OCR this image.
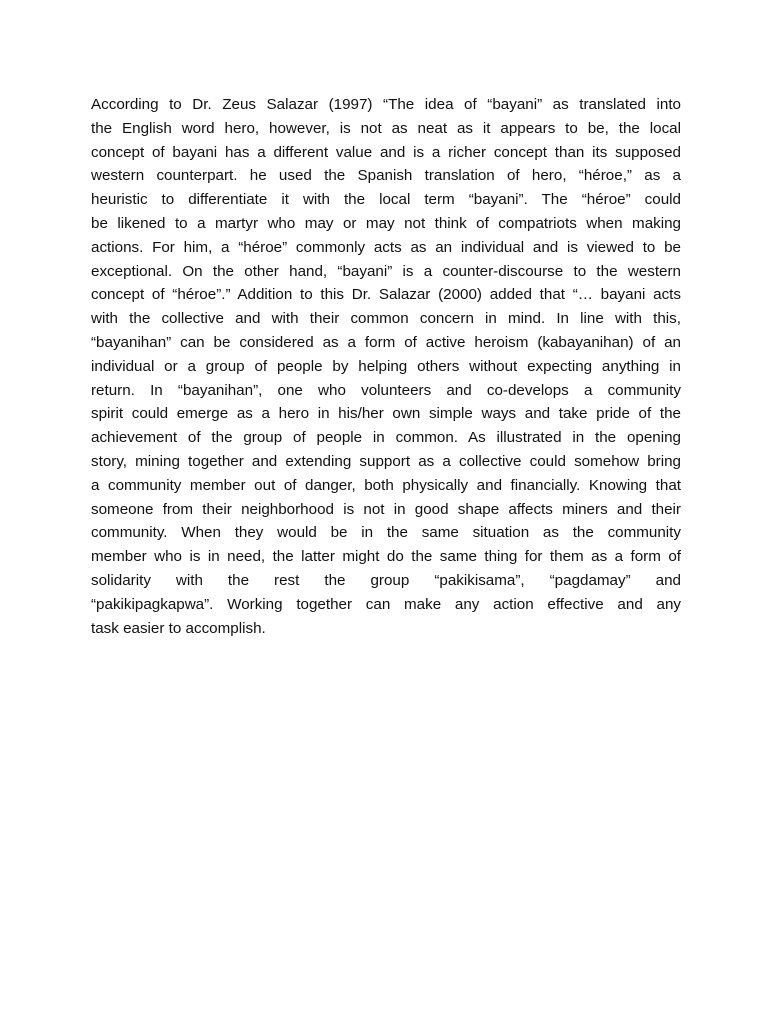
According to Dr. Zeus Salazar (1997) “The idea of “bayani” as translated into
the English word hero, however, is not as neat as it appears to be, the local
concept of bayani has a different value and is a richer concept than its supposed
western counterpart. he used the Spanish translation of hero, “héroe,” as a
heuristic to differentiate it with the local term “bayani”. The “héroe” could
be likened to a martyr who may or may not think of compatriots when making
actions. For him, a “héroe” commonly acts as an individual and is viewed to be
exceptional. On the other hand, “bayani” is a counter-discourse to the western
concept of “héroe”.” Addition to this Dr. Salazar (2000) added that “… bayani acts
with the collective and with their common concern in mind. In line with this,
“bayanihan” can be considered as a form of active heroism (kabayanihan) of an
individual or a group of people by helping others without expecting anything in
return. In “bayanihan”, one who volunteers and co-develops a community
spirit could emerge as a hero in his/her own simple ways and take pride of the
achievement of the group of people in common. As illustrated in the opening
story, mining together and extending support as a collective could somehow bring
a community member out of danger, both physically and financially. Knowing that
someone from their neighborhood is not in good shape affects miners and their
community. When they would be in the same situation as the community
member who is in need, the latter might do the same thing for them as a form of
solidarity with the rest the group “pakikisama”, “pagdamay” and
“pakikipagkapwa”. Working together can make any action effective and any
task easier to accomplish.
